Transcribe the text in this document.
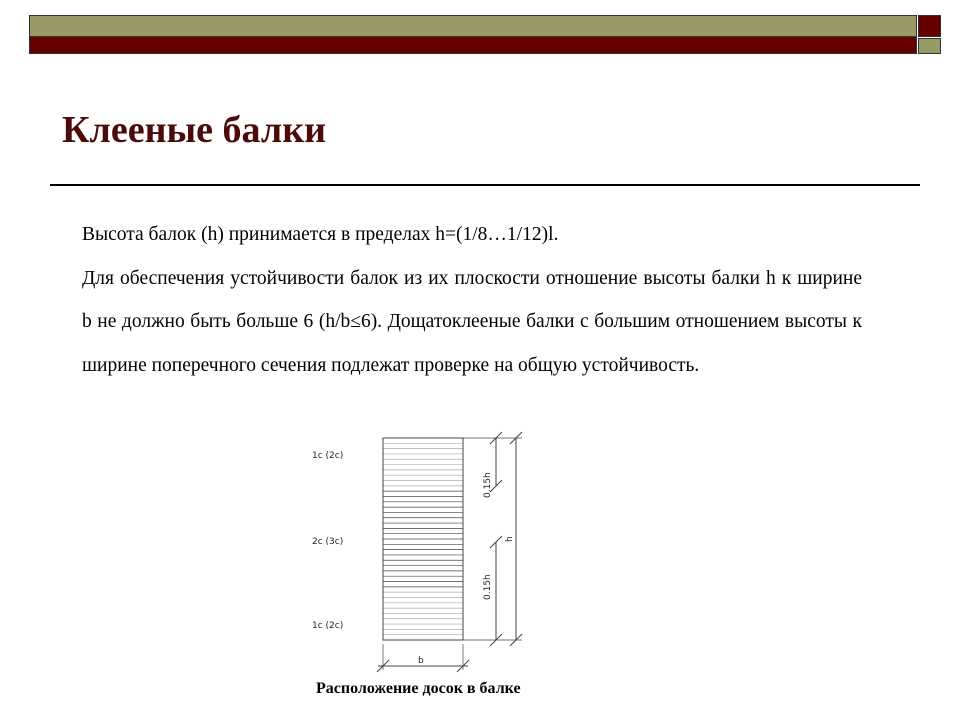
Клееные балки

Высота балок (h) принимается в пределах h=(1/8…1/12)l.

Для обеспечения устойчивости балок из их плоскости отношение высоты балки h к ширине b не должно быть больше 6 (h/b≤6). Дощатоклееные балки с большим отношением высоты к ширине поперечного сечения подлежат проверке на общую устойчивость.

1c (2c)
2c (3c)
1c (2c)
0.15h
0.15h
h
b
Расположение досок в балке
